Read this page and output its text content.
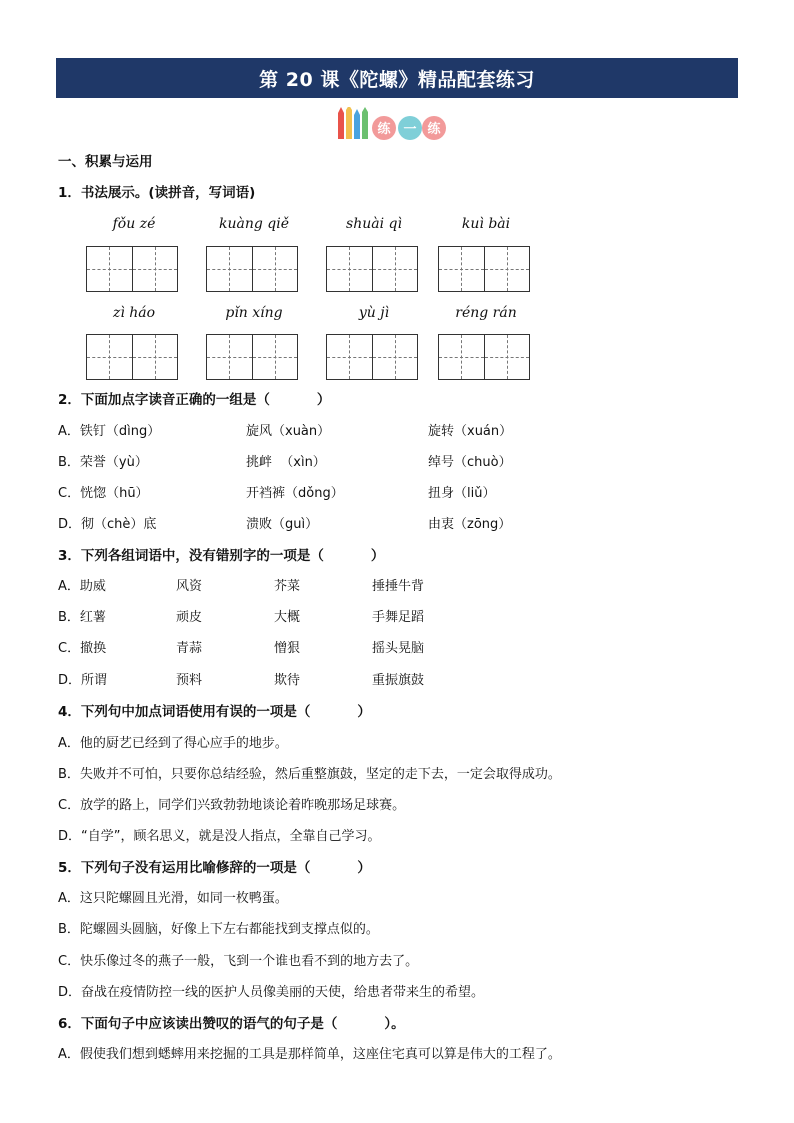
第 20 课《陀螺》精品配套练习
练 一 练
一、积累与运用
1．书法展示。(读拼音，写词语)
fǒu zé	kuàng qiě	shuài qì	kuì bài
zì háo	pǐn xíng	yù jì	réng rán
2．下面加点字读音正确的一组是（          ）
A．铁钉（dìng）	旋风（xuàn）	旋转（xuán）
B．荣誉（yù）	挑衅  （xìn）	绰号（chuò）
C．恍惚（hū）	开裆裤（dǒng）	扭身（liǔ）
D．彻（chè）底	溃败（guì）	由衷（zōng）
3．下列各组词语中，没有错别字的一项是（          ）
A．助威	风资	芥菜	捶捶牛背
B．红薯	顽皮	大概	手舞足蹈
C．撤换	青蒜	憎狠	摇头晃脑
D．所谓	预料	欺待	重振旗鼓
4．下列句中加点词语使用有误的一项是（          ）
A．他的厨艺已经到了得心应手的地步。
B．失败并不可怕，只要你总结经验，然后重整旗鼓，坚定的走下去，一定会取得成功。
C．放学的路上，同学们兴致勃勃地谈论着昨晚那场足球赛。
D．“自学”，顾名思义，就是没人指点，全靠自己学习。
5．下列句子没有运用比喻修辞的一项是（          ）
A．这只陀螺圆且光滑，如同一枚鸭蛋。
B．陀螺圆头圆脑，好像上下左右都能找到支撑点似的。
C．快乐像过冬的燕子一般，飞到一个谁也看不到的地方去了。
D．奋战在疫情防控一线的医护人员像美丽的天使，给患者带来生的希望。
6．下面句子中应该读出赞叹的语气的句子是（          ）。
A．假使我们想到蟋蟀用来挖掘的工具是那样简单，这座住宅真可以算是伟大的工程了。
